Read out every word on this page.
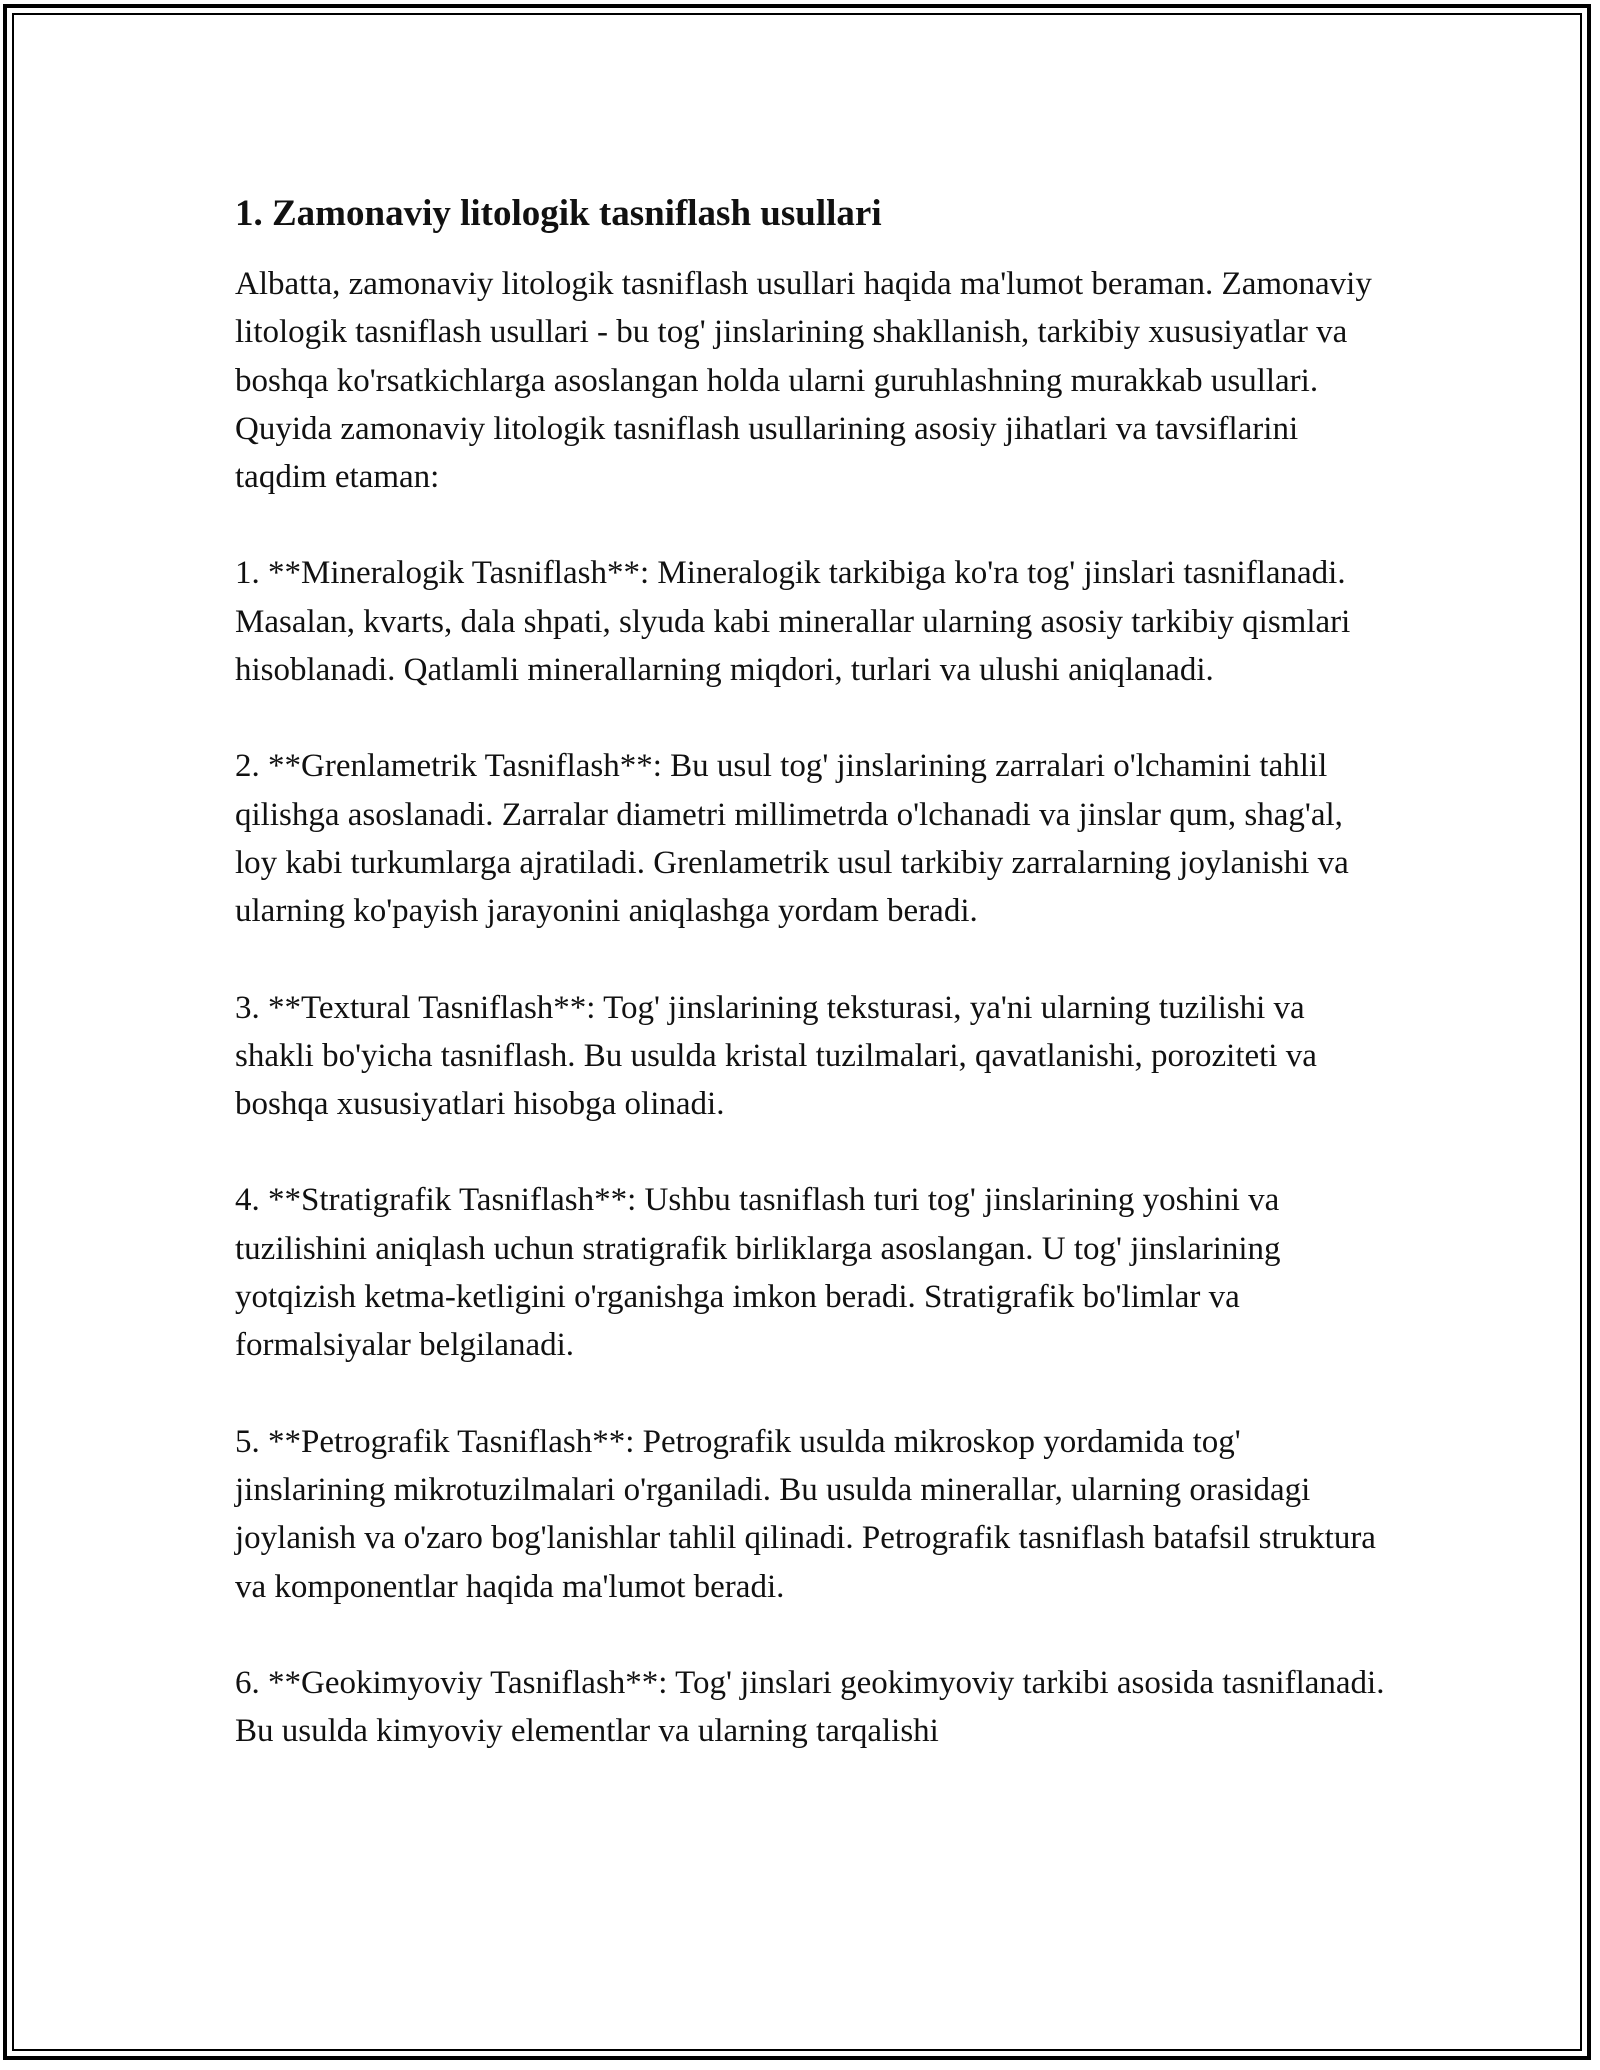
1. Zamonaviy litologik tasniflash usullari

Albatta, zamonaviy litologik tasniflash usullari haqida ma'lumot beraman. Zamonaviy litologik tasniflash usullari - bu tog' jinslarining shakllanish, tarkibiy xususiyatlar va boshqa ko'rsatkichlarga asoslangan holda ularni guruhlashning murakkab usullari. Quyida zamonaviy litologik tasniflash usullarining asosiy jihatlari va tavsiflarini taqdim etaman:

1. **Mineralogik Tasniflash**: Mineralogik tarkibiga ko'ra tog' jinslari tasniflanadi. Masalan, kvarts, dala shpati, slyuda kabi minerallar ularning asosiy tarkibiy qismlari hisoblanadi. Qatlamli minerallarning miqdori, turlari va ulushi aniqlanadi.

2. **Grenlametrik Tasniflash**: Bu usul tog' jinslarining zarralari o'lchamini tahlil qilishga asoslanadi. Zarralar diametri millimetrda o'lchanadi va jinslar qum, shag'al, loy kabi turkumlarga ajratiladi. Grenlametrik usul tarkibiy zarralarning joylanishi va ularning ko'payish jarayonini aniqlashga yordam beradi.

3. **Textural Tasniflash**: Tog' jinslarining teksturasi, ya'ni ularning tuzilishi va shakli bo'yicha tasniflash. Bu usulda kristal tuzilmalari, qavatlanishi, poroziteti va boshqa xususiyatlari hisobga olinadi.

4. **Stratigrafik Tasniflash**: Ushbu tasniflash turi tog' jinslarining yoshini va tuzilishini aniqlash uchun stratigrafik birliklarga asoslangan. U tog' jinslarining yotqizish ketma-ketligini o'rganishga imkon beradi. Stratigrafik bo'limlar va formalsiyalar belgilanadi.

5. **Petrografik Tasniflash**: Petrografik usulda mikroskop yordamida tog' jinslarining mikrotuzilmalari o'rganiladi. Bu usulda minerallar, ularning orasidagi joylanish va o'zaro bog'lanishlar tahlil qilinadi. Petrografik tasniflash batafsil struktura va komponentlar haqida ma'lumot beradi.

6. **Geokimyoviy Tasniflash**: Tog' jinslari geokimyoviy tarkibi asosida tasniflanadi. Bu usulda kimyoviy elementlar va ularning tarqalishi
